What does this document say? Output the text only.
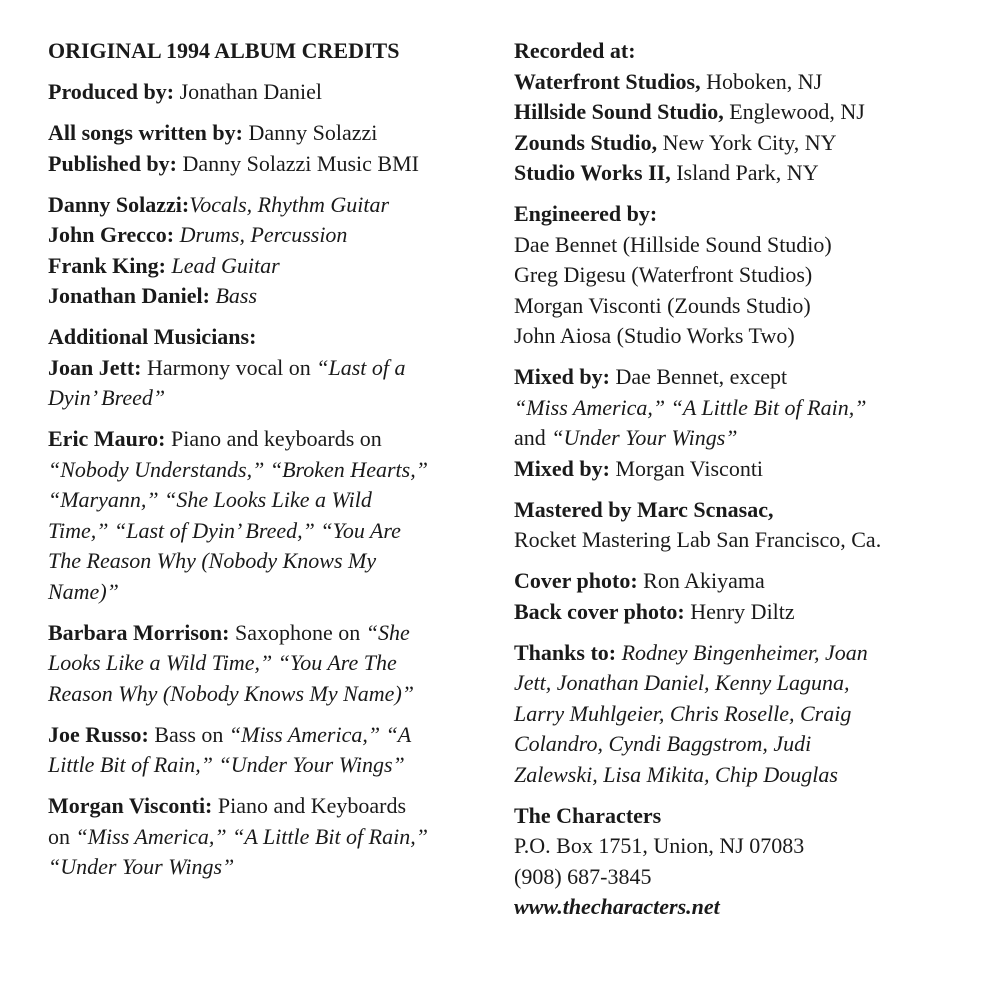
ORIGINAL 1994 ALBUM CREDITS
Produced by: Jonathan Daniel
All songs written by: Danny Solazzi
Published by: Danny Solazzi Music BMI
Danny Solazzi:Vocals, Rhythm Guitar
John Grecco: Drums, Percussion
Frank King: Lead Guitar
Jonathan Daniel: Bass
Additional Musicians:
Joan Jett: Harmony vocal on “Last of a
Dyin’ Breed”
Eric Mauro: Piano and keyboards on
“Nobody Understands,” “Broken Hearts,”
“Maryann,” “She Looks Like a Wild
Time,” “Last of Dyin’ Breed,” “You Are
The Reason Why (Nobody Knows My
Name)”
Barbara Morrison: Saxophone on “She
Looks Like a Wild Time,” “You Are The
Reason Why (Nobody Knows My Name)”
Joe Russo: Bass on “Miss America,” “A
Little Bit of Rain,” “Under Your Wings”
Morgan Visconti: Piano and Keyboards
on “Miss America,” “A Little Bit of Rain,”
“Under Your Wings”
Recorded at:
Waterfront Studios, Hoboken, NJ
Hillside Sound Studio, Englewood, NJ
Zounds Studio, New York City, NY
Studio Works II, Island Park, NY
Engineered by:
Dae Bennet (Hillside Sound Studio)
Greg Digesu (Waterfront Studios)
Morgan Visconti (Zounds Studio)
John Aiosa (Studio Works Two)
Mixed by: Dae Bennet, except
“Miss America,” “A Little Bit of Rain,”
and “Under Your Wings”
Mixed by: Morgan Visconti
Mastered by Marc Scnasac,
Rocket Mastering Lab San Francisco, Ca.
Cover photo: Ron Akiyama
Back cover photo: Henry Diltz
Thanks to: Rodney Bingenheimer, Joan
Jett, Jonathan Daniel, Kenny Laguna,
Larry Muhlgeier, Chris Roselle, Craig
Colandro, Cyndi Baggstrom, Judi
Zalewski, Lisa Mikita, Chip Douglas
The Characters
P.O. Box 1751, Union, NJ 07083
(908) 687-3845
www.thecharacters.net
